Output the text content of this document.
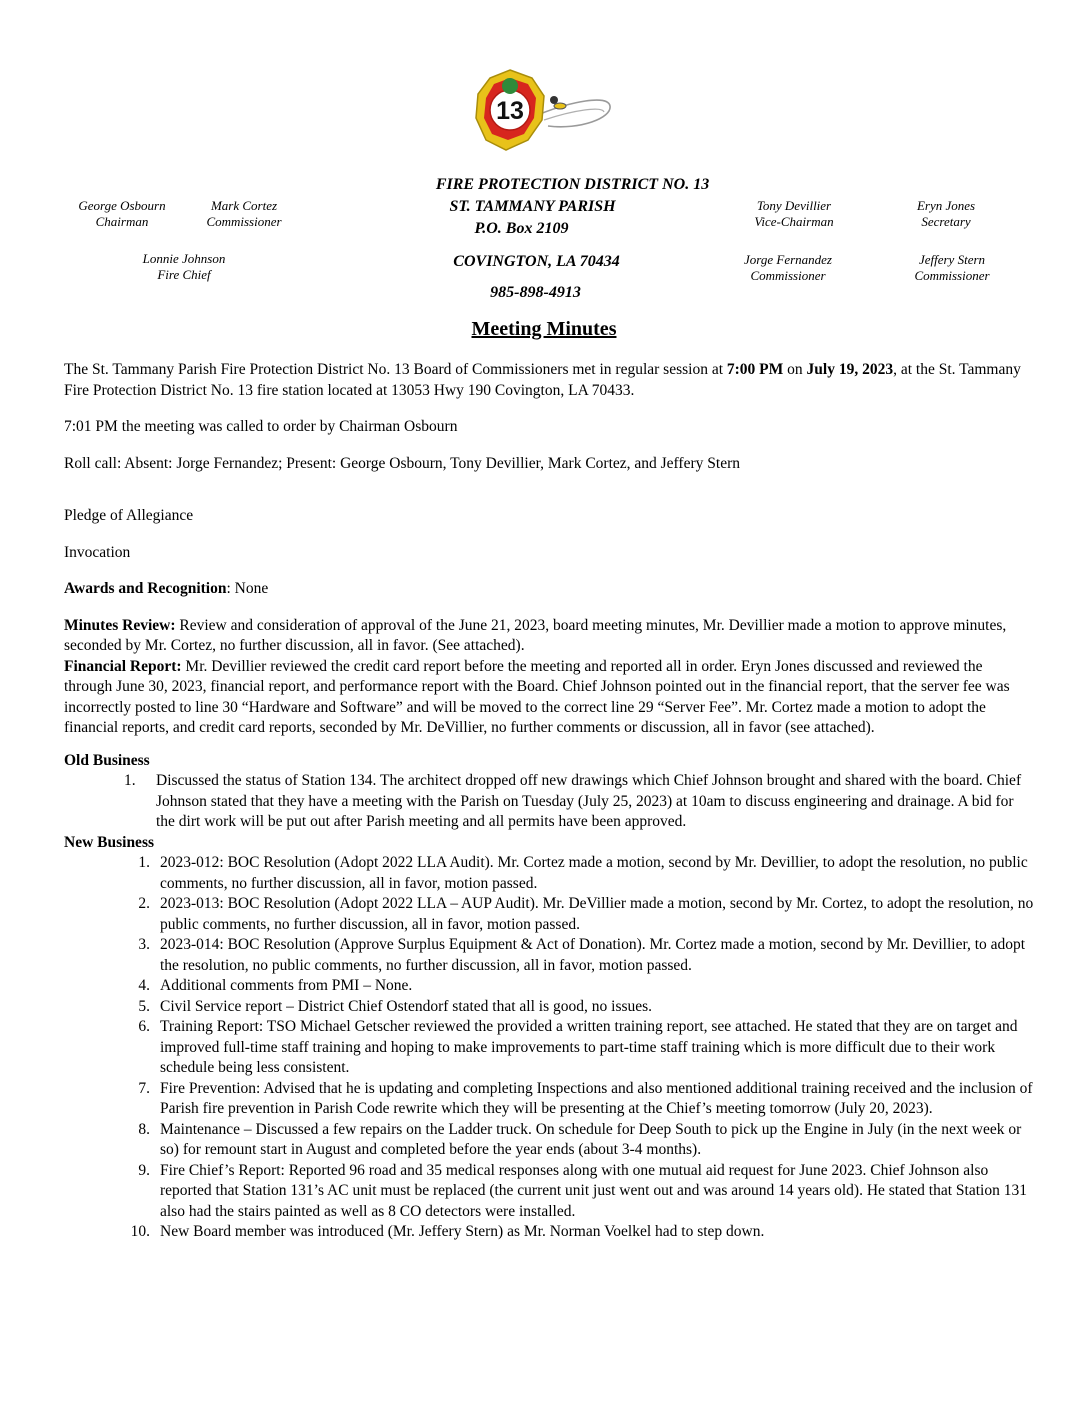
13
George Osbourn
Chairman
Mark Cortez
Commissioner
Lonnie Johnson
Fire Chief
FIRE PROTECTION DISTRICT NO. 13
ST. TAMMANY PARISH
P.O. Box 2109
COVINGTON, LA 70434
985-898-4913
Tony Devillier
Vice-Chairman
Eryn Jones
Secretary
Jorge Fernandez
Commissioner
Jeffery Stern
Commissioner
Meeting Minutes

The St. Tammany Parish Fire Protection District No. 13 Board of Commissioners met in regular session at 7:00 PM on July 19, 2023, at the St. Tammany Fire Protection District No. 13 fire station located at 13053 Hwy 190 Covington, LA 70433.

7:01 PM the meeting was called to order by Chairman Osbourn

Roll call: Absent: Jorge Fernandez; Present: George Osbourn, Tony Devillier, Mark Cortez, and Jeffery Stern

Pledge of Allegiance

Invocation

Awards and Recognition: None

Minutes Review: Review and consideration of approval of the June 21, 2023, board meeting minutes, Mr. Devillier made a motion to approve minutes, seconded by Mr. Cortez, no further discussion, all in favor. (See attached).

Financial Report: Mr. Devillier reviewed the credit card report before the meeting and reported all in order. Eryn Jones discussed and reviewed the through June 30, 2023, financial report, and performance report with the Board. Chief Johnson pointed out in the financial report, that the server fee was incorrectly posted to line 30 “Hardware and Software” and will be moved to the correct line 29 “Server Fee”. Mr. Cortez made a motion to adopt the financial reports, and credit card reports, seconded by Mr. DeVillier, no further comments or discussion, all in favor (see attached).

Old Business

1. Discussed the status of Station 134. The architect dropped off new drawings which Chief Johnson brought and shared with the board. Chief Johnson stated that they have a meeting with the Parish on Tuesday (July 25, 2023) at 10am to discuss engineering and drainage. A bid for the dirt work will be put out after Parish meeting and all permits have been approved.

New Business

1. 2023-012: BOC Resolution (Adopt 2022 LLA Audit). Mr. Cortez made a motion, second by Mr. Devillier, to adopt the resolution, no public comments, no further discussion, all in favor, motion passed.
2. 2023-013: BOC Resolution (Adopt 2022 LLA – AUP Audit). Mr. DeVillier made a motion, second by Mr. Cortez, to adopt the resolution, no public comments, no further discussion, all in favor, motion passed.
3. 2023-014: BOC Resolution (Approve Surplus Equipment & Act of Donation). Mr. Cortez made a motion, second by Mr. Devillier, to adopt the resolution, no public comments, no further discussion, all in favor, motion passed.
4. Additional comments from PMI – None.
5. Civil Service report – District Chief Ostendorf stated that all is good, no issues.
6. Training Report: TSO Michael Getscher reviewed the provided a written training report, see attached. He stated that they are on target and improved full-time staff training and hoping to make improvements to part-time staff training which is more difficult due to their work schedule being less consistent.
7. Fire Prevention: Advised that he is updating and completing Inspections and also mentioned additional training received and the inclusion of Parish fire prevention in Parish Code rewrite which they will be presenting at the Chief’s meeting tomorrow (July 20, 2023).
8. Maintenance – Discussed a few repairs on the Ladder truck. On schedule for Deep South to pick up the Engine in July (in the next week or so) for remount start in August and completed before the year ends (about 3-4 months).
9. Fire Chief’s Report: Reported 96 road and 35 medical responses along with one mutual aid request for June 2023. Chief Johnson also reported that Station 131’s AC unit must be replaced (the current unit just went out and was around 14 years old). He stated that Station 131 also had the stairs painted as well as 8 CO detectors were installed.
10. New Board member was introduced (Mr. Jeffery Stern) as Mr. Norman Voelkel had to step down.
